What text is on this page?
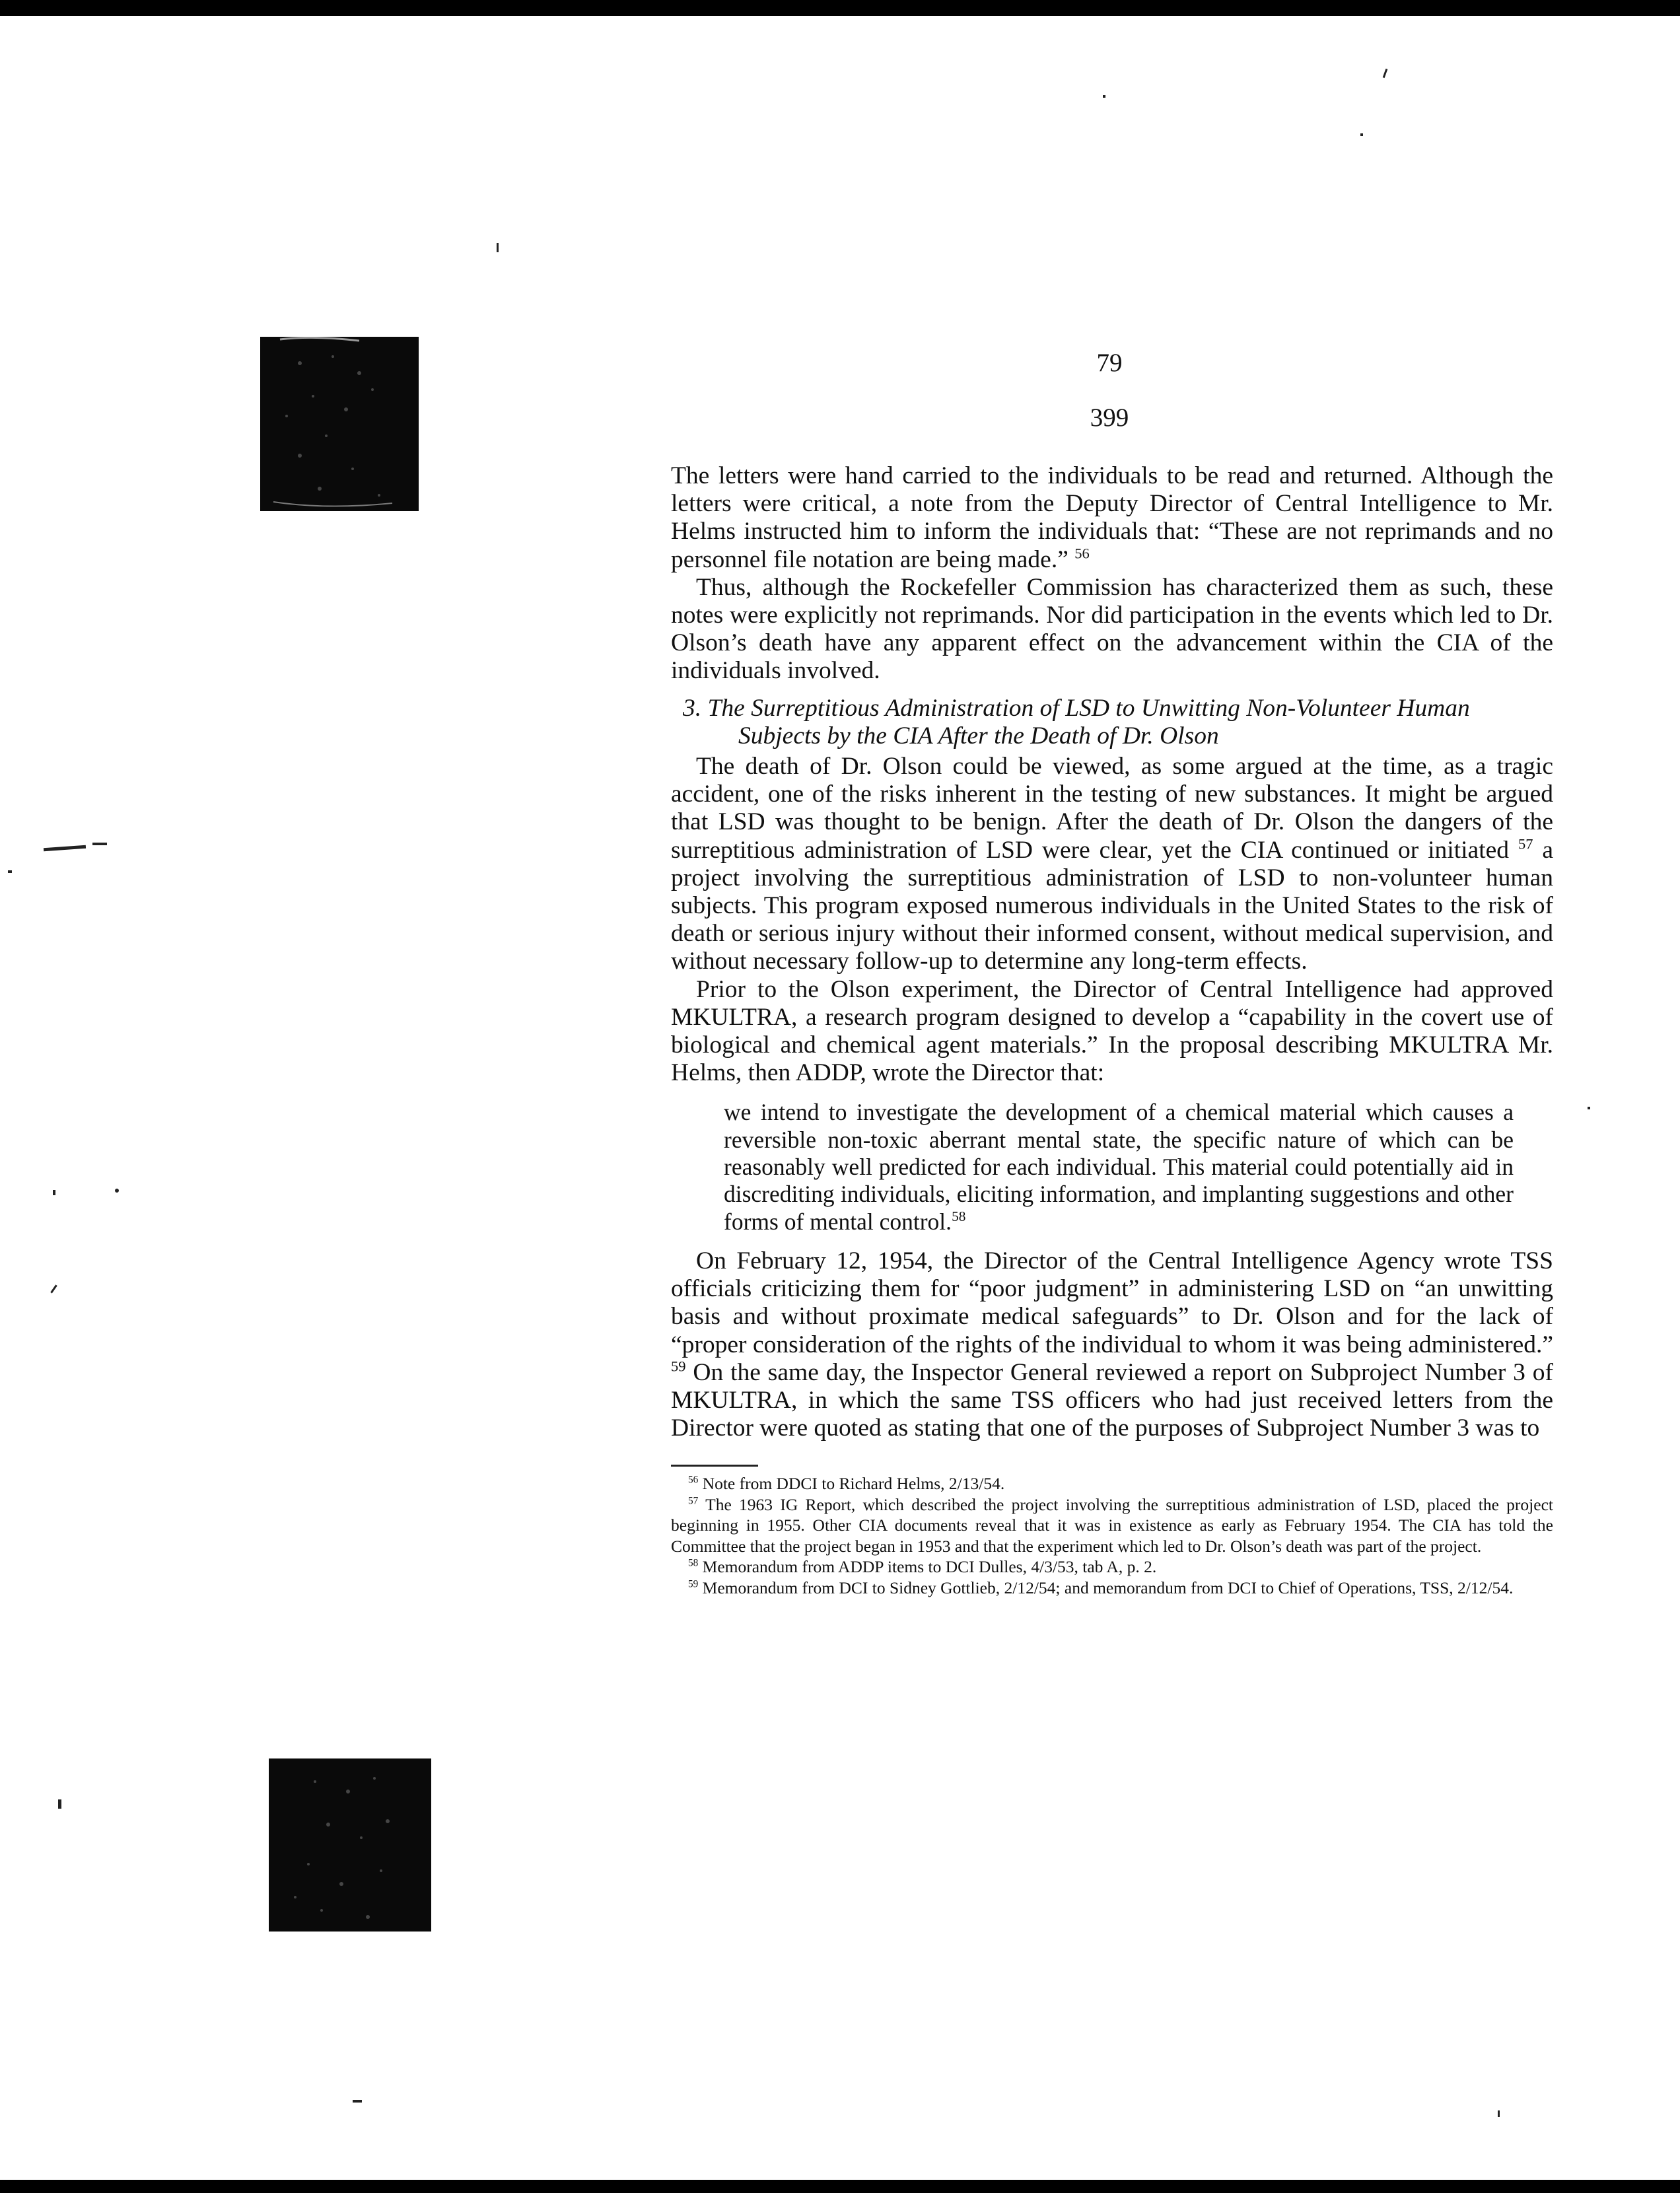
79
399

The letters were hand carried to the individuals to be read and returned. Although the letters were critical, a note from the Deputy Director of Central Intelligence to Mr. Helms instructed him to inform the individuals that: “These are not reprimands and no personnel file notation are being made.” $^{56}$

Thus, although the Rockefeller Commission has characterized them as such, these notes were explicitly not reprimands. Nor did participation in the events which led to Dr. Olson’s death have any apparent effect on the advancement within the CIA of the individuals involved.

3. The Surreptitious Administration of LSD to Unwitting Non-Volunteer Human Subjects by the CIA After the Death of Dr. Olson

The death of Dr. Olson could be viewed, as some argued at the time, as a tragic accident, one of the risks inherent in the testing of new substances. It might be argued that LSD was thought to be benign. After the death of Dr. Olson the dangers of the surreptitious administration of LSD were clear, yet the CIA continued or initiated $^{57}$ a project involving the surreptitious administration of LSD to non-volunteer human subjects. This program exposed numerous individuals in the United States to the risk of death or serious injury without their informed consent, without medical supervision, and without necessary follow-up to determine any long-term effects.

Prior to the Olson experiment, the Director of Central Intelligence had approved MKULTRA, a research program designed to develop a “capability in the covert use of biological and chemical agent materials.” In the proposal describing MKULTRA Mr. Helms, then ADDP, wrote the Director that:

we intend to investigate the development of a chemical material which causes a reversible non-toxic aberrant mental state, the specific nature of which can be reasonably well predicted for each individual. This material could potentially aid in discrediting individuals, eliciting information, and implanting suggestions and other forms of mental control.$^{58}$

On February 12, 1954, the Director of the Central Intelligence Agency wrote TSS officials criticizing them for “poor judgment” in administering LSD on “an unwitting basis and without proximate medical safeguards” to Dr. Olson and for the lack of “proper consideration of the rights of the individual to whom it was being administered.” $^{59}$ On the same day, the Inspector General reviewed a report on Subproject Number 3 of MKULTRA, in which the same TSS officers who had just received letters from the Director were quoted as stating that one of the purposes of Subproject Number 3 was to

$^{56}$ Note from DDCI to Richard Helms, 2/13/54.

$^{57}$ The 1963 IG Report, which described the project involving the surreptitious administration of LSD, placed the project beginning in 1955. Other CIA documents reveal that it was in existence as early as February 1954. The CIA has told the Committee that the project began in 1953 and that the experiment which led to Dr. Olson’s death was part of the project.

$^{58}$ Memorandum from ADDP items to DCI Dulles, 4/3/53, tab A, p. 2.

$^{59}$ Memorandum from DCI to Sidney Gottlieb, 2/12/54; and memorandum from DCI to Chief of Operations, TSS, 2/12/54.
